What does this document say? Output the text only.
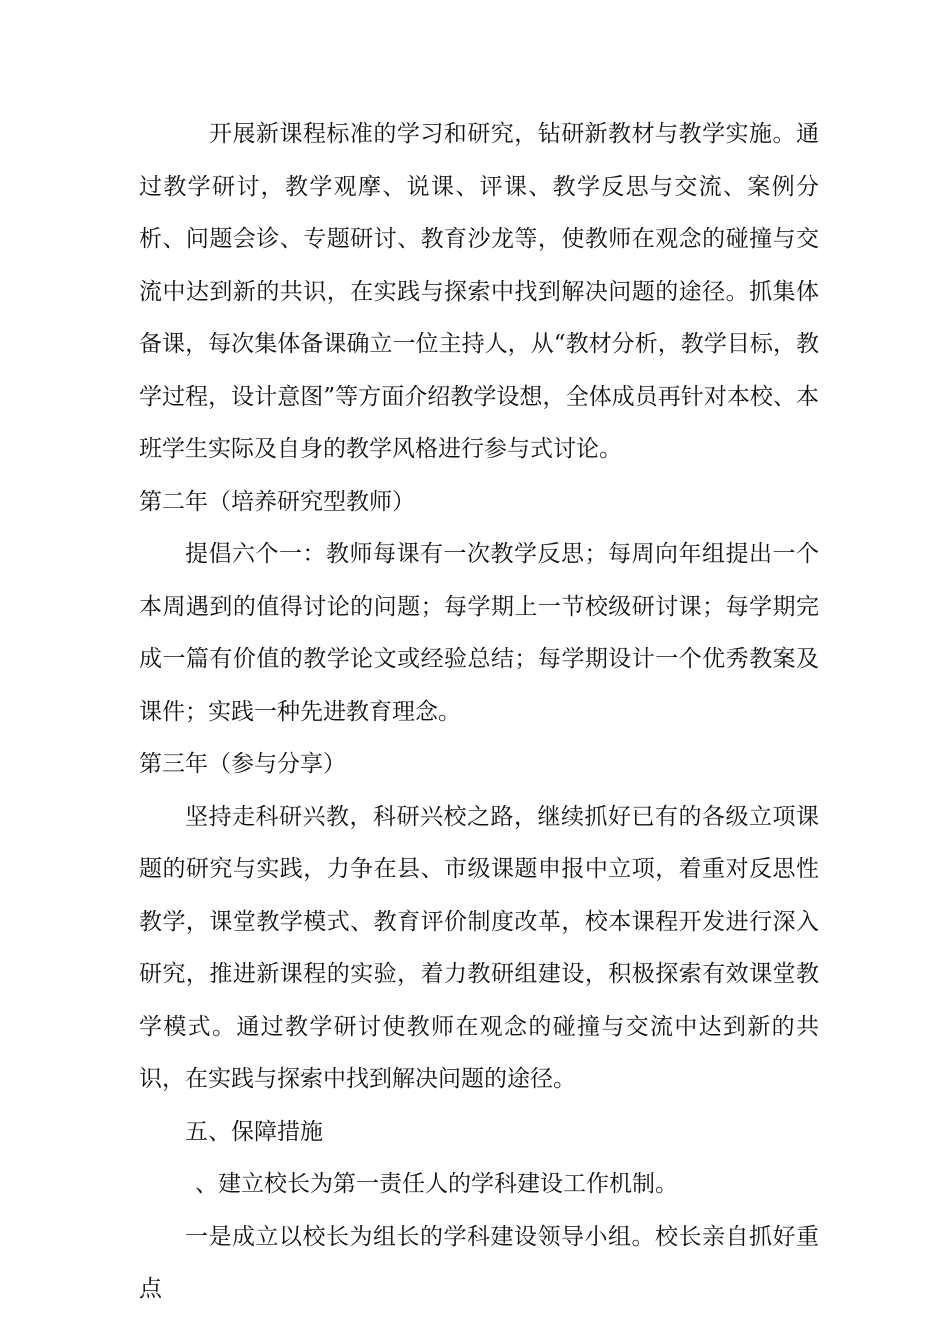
开展新课程标准的学习和研究，钻研新教材与教学实施。通过教学研讨，教学观摩、说课、评课、教学反思与交流、案例分析、问题会诊、专题研讨、教育沙龙等，使教师在观念的碰撞与交流中达到新的共识，在实践与探索中找到解决问题的途径。抓集体备课，每次集体备课确立一位主持人，从“教材分析，教学目标，教学过程，设计意图”等方面介绍教学设想，全体成员再针对本校、本班学生实际及自身的教学风格进行参与式讨论。

第二年（培养研究型教师）

提倡六个一：教师每课有一次教学反思；每周向年组提出一个本周遇到的值得讨论的问题；每学期上一节校级研讨课；每学期完成一篇有价值的教学论文或经验总结；每学期设计一个优秀教案及课件；实践一种先进教育理念。

第三年（参与分享）

坚持走科研兴教，科研兴校之路，继续抓好已有的各级立项课题的研究与实践，力争在县、市级课题申报中立项，着重对反思性教学，课堂教学模式、教育评价制度改革，校本课程开发进行深入研究，推进新课程的实验，着力教研组建设，积极探索有效课堂教学模式。通过教学研讨使教师在观念的碰撞与交流中达到新的共识，在实践与探索中找到解决问题的途径。

五、保障措施

、建立校长为第一责任人的学科建设工作机制。

一是成立以校长为组长的学科建设领导小组。校长亲自抓好重点
